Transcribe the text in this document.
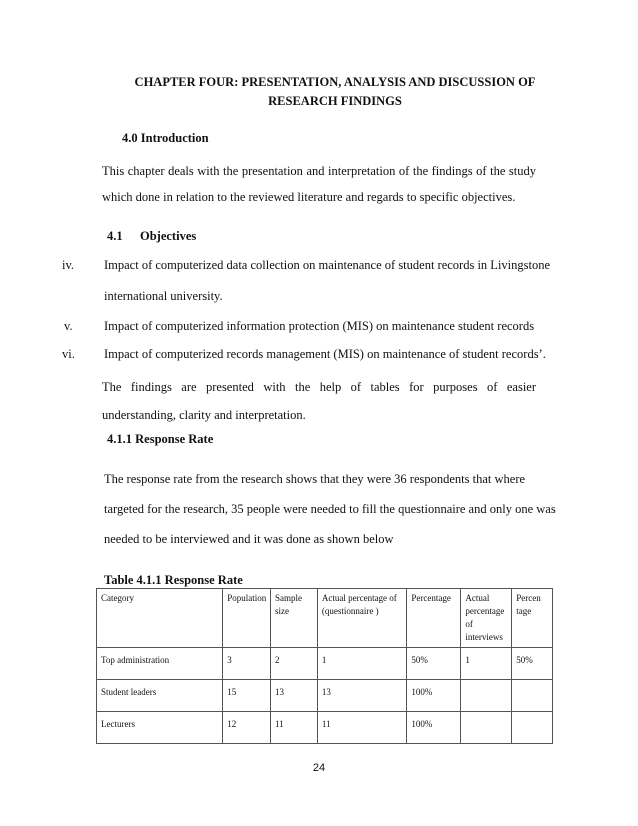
CHAPTER FOUR: PRESENTATION, ANALYSIS AND DISCUSSION OF
RESEARCH FINDINGS
4.0 Introduction
This chapter deals with the presentation and interpretation of the findings of the study which done in relation to the reviewed literature and regards to specific objectives.
4.1 Objectives
iv. Impact of computerized data collection on maintenance of student records in Livingstone
international university.
v.	Impact of computerized information protection (MIS) on maintenance student records
vi. Impact of computerized records management (MIS) on maintenance of student records’.
The findings are presented with the help of tables for purposes of easier understanding, clarity and interpretation.
4.1.1 Response Rate
The response rate from the research shows that they were 36 respondents that where
targeted for the research, 35 people were needed to fill the questionnaire and only one was
needed to be interviewed and it was done as shown below
Table 4.1.1 Response Rate
Category	Population	Sample size	Actual percentage of (questionnaire )	Percentage	Actual percentage of interviews	Percen tage
Top administration	3	2	1	50%	1	50%
Student leaders	15	13	13	100%		
Lecturers	12	11	11	100%		
24
